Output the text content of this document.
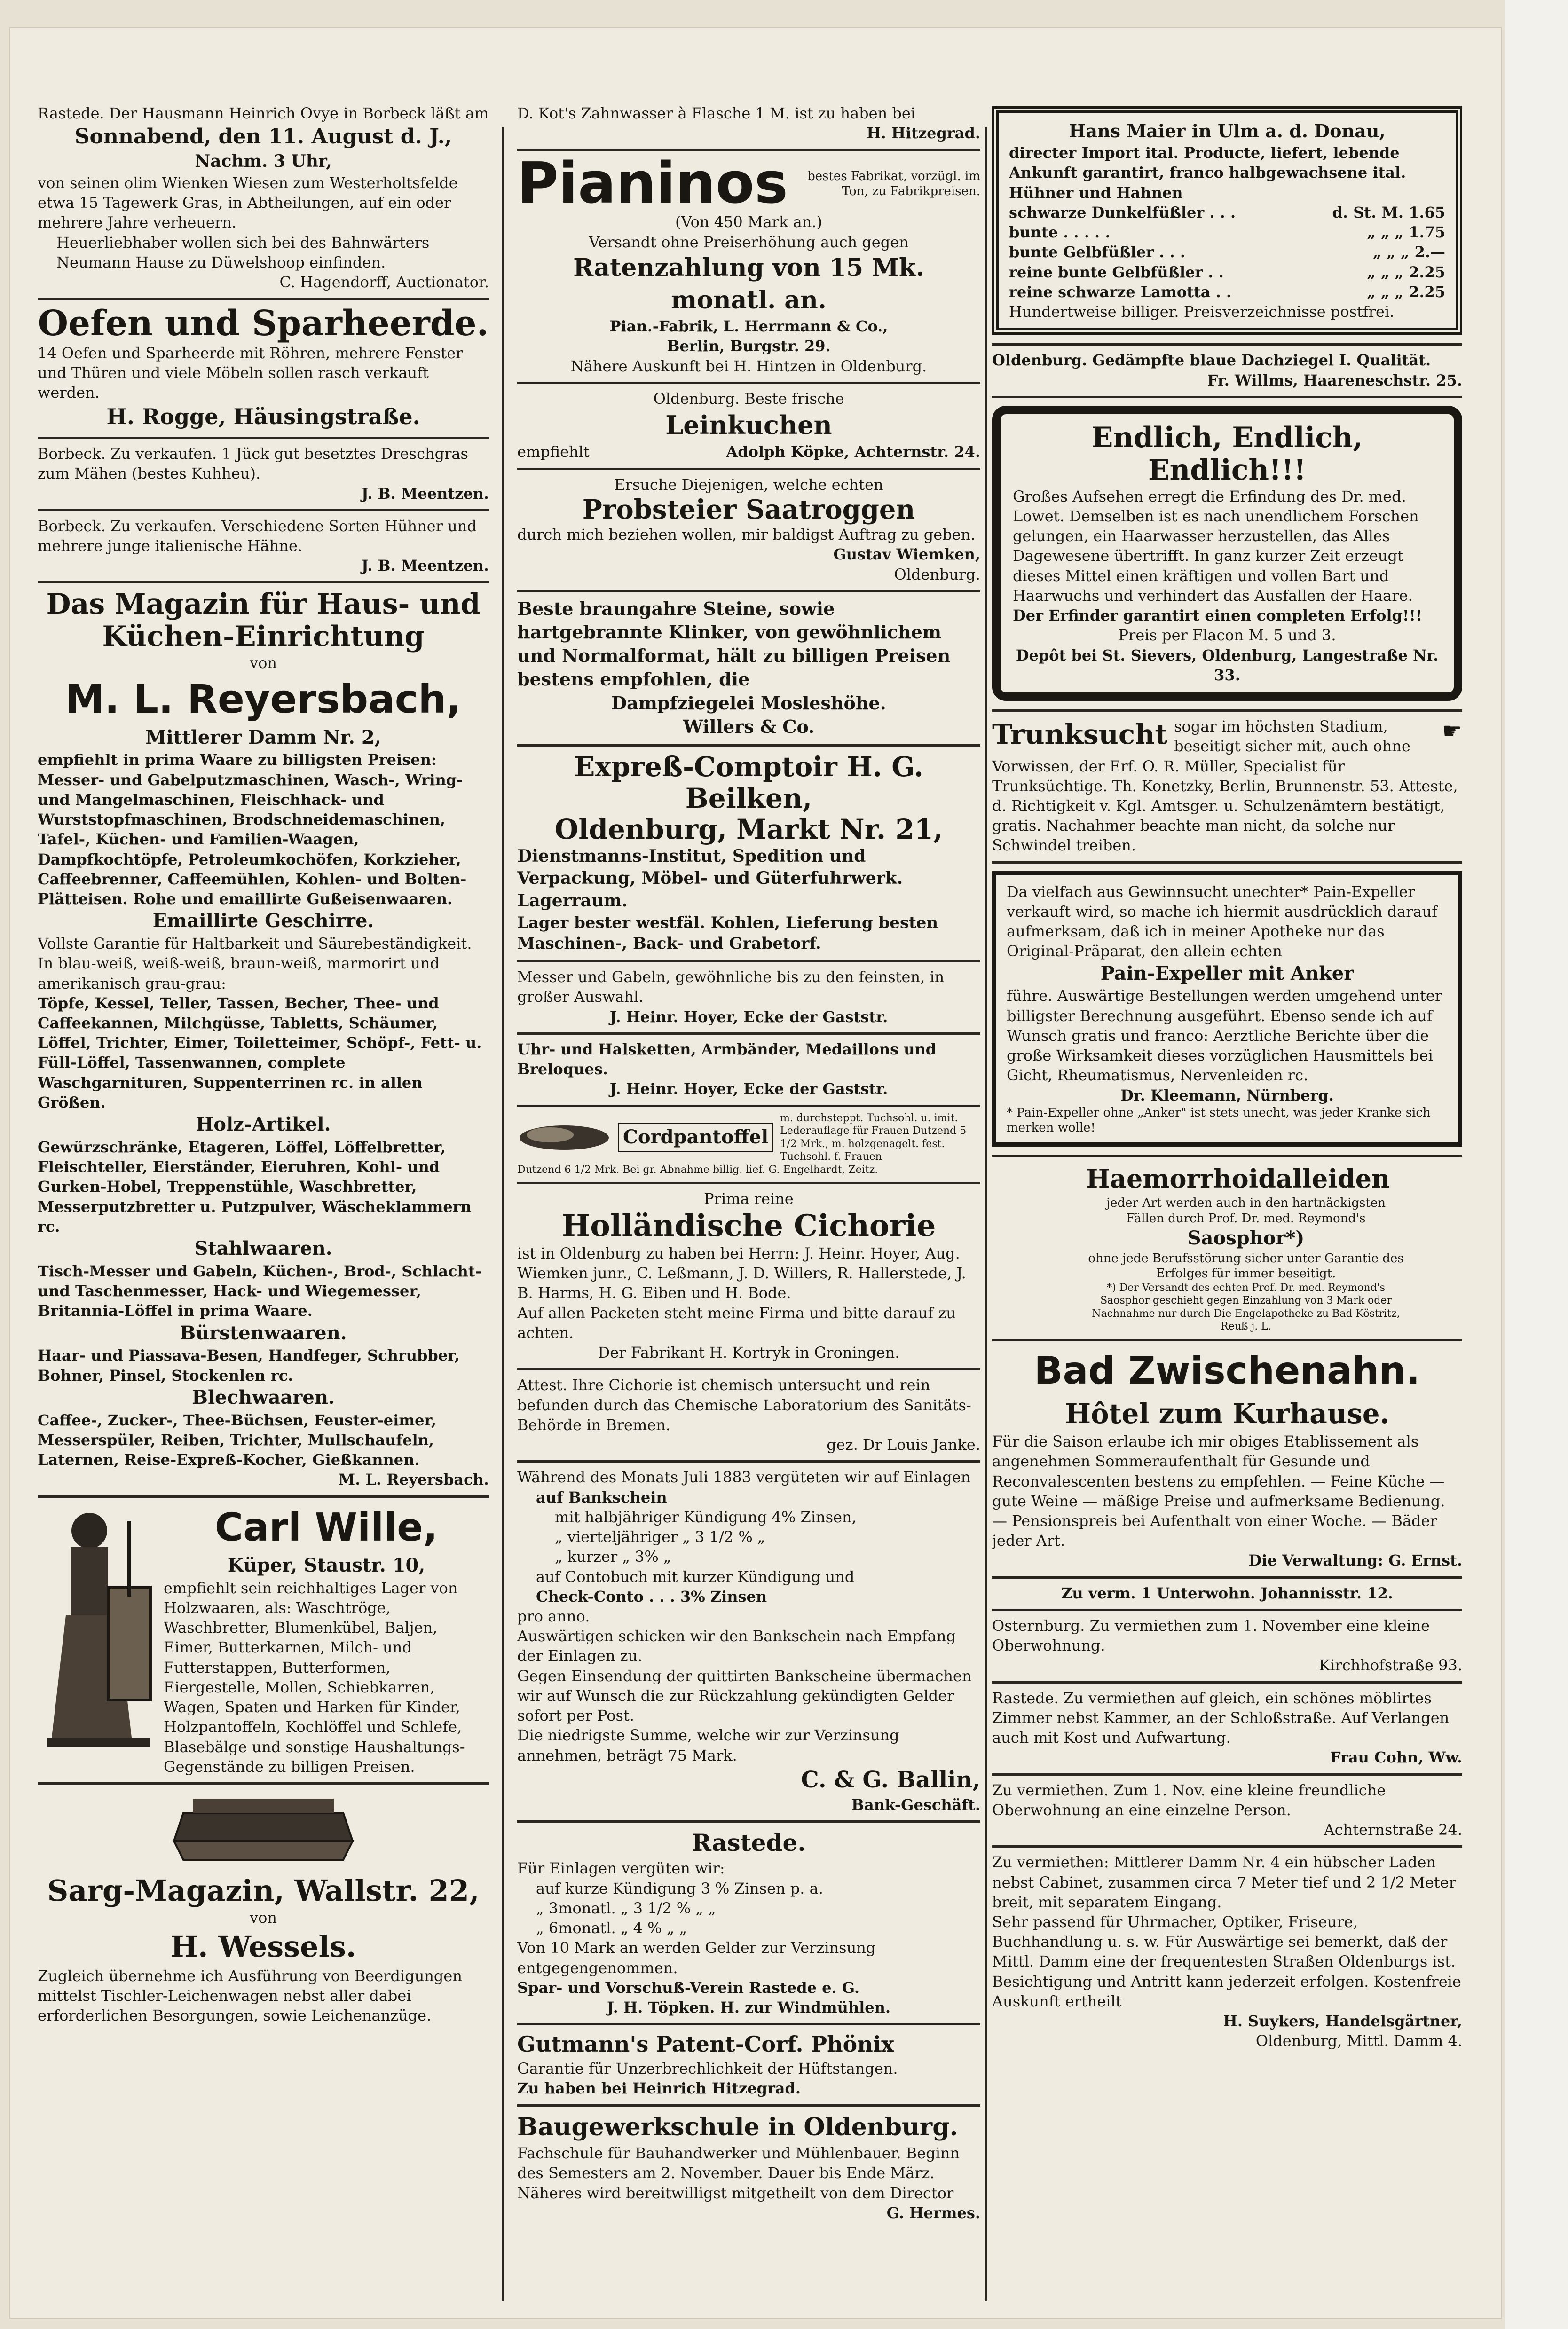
Rastede. Der Hausmann Heinrich Ovye in Borbeck läßt am
Sonnabend, den 11. August d. J.,
Nachm. 3 Uhr,
von seinen olim Wienken Wiesen zum Westerholtsfelde etwa 15 Tagewerk Gras, in Abtheilungen, auf ein oder mehrere Jahre verheuern.
Heuerliebhaber wollen sich bei des Bahnwärters Neumann Hause zu Düwelshoop einfinden.
C. Hagendorff, Auctionator.
Oefen und Sparheerde.
14 Oefen und Sparheerde mit Röhren, mehrere Fenster und Thüren und viele Möbeln sollen rasch verkauft werden.
H. Rogge, Häusingstraße.
Borbeck. Zu verkaufen. 1 Jück gut besetztes Dreschgras zum Mähen (bestes Kuhheu).
J. B. Meentzen.
Borbeck. Zu verkaufen. Verschiedene Sorten Hühner und mehrere junge italienische Hähne.
J. B. Meentzen.
Das Magazin für Haus- und Küchen-Einrichtung
von
M. L. Reyersbach,
Mittlerer Damm Nr. 2,
empfiehlt in prima Waare zu billigsten Preisen: Messer- und Gabelputzmaschinen, Wasch-, Wring- und Mangelmaschinen, Fleischhack- und Wurststopfmaschinen, Brodschneidemaschinen, Tafel-, Küchen- und Familien-Waagen, Dampfkochtöpfe, Petroleumkochöfen, Korkzieher, Caffeebrenner, Caffeemühlen, Kohlen- und Bolten-Plätteisen. Rohe und emaillirte Gußeisenwaaren.
Emaillirte Geschirre.
Vollste Garantie für Haltbarkeit und Säurebeständigkeit. In blau-weiß, weiß-weiß, braun-weiß, marmorirt und amerikanisch grau-grau:
Töpfe, Kessel, Teller, Tassen, Becher, Thee- und Caffeekannen, Milchgüsse, Tabletts, Schäumer, Löffel, Trichter, Eimer, Toiletteimer, Schöpf-, Fett- u. Füll-Löffel, Tassenwannen, complete Waschgarnituren, Suppenterrinen rc. in allen Größen.
Holz-Artikel.
Gewürzschränke, Etageren, Löffel, Löffelbretter, Fleischteller, Eierständer, Eieruhren, Kohl- und Gurken-Hobel, Treppenstühle, Waschbretter, Messerputzbretter u. Putzpulver, Wäscheklammern rc.
Stahlwaaren.
Tisch-Messer und Gabeln, Küchen-, Brod-, Schlacht- und Taschenmesser, Hack- und Wiegemesser, Britannia-Löffel in prima Waare.
Bürstenwaaren.
Haar- und Piassava-Besen, Handfeger, Schrubber, Bohner, Pinsel, Stockenlen rc.
Blechwaaren.
Caffee-, Zucker-, Thee-Büchsen, Feuster-eimer, Messerspüler, Reiben, Trichter, Mullschaufeln, Laternen, Reise-Expreß-Kocher, Gießkannen.
M. L. Reyersbach.
Carl Wille,
Küper, Staustr. 10,
empfiehlt sein reichhaltiges Lager von Holzwaaren, als: Waschtröge, Waschbretter, Blumenkübel, Baljen, Eimer, Butterkarnen, Milch- und Futterstappen, Butterformen, Eiergestelle, Mollen, Schiebkarren, Wagen, Spaten und Harken für Kinder, Holzpantoffeln, Kochlöffel und Schlefe, Blasebälge und sonstige Haushaltungs-Gegenstände zu billigen Preisen.
Sarg-Magazin, Wallstr. 22,
von
H. Wessels.
Zugleich übernehme ich Ausführung von Beerdigungen mittelst Tischler-Leichenwagen nebst aller dabei erforderlichen Besorgungen, sowie Leichenanzüge.
D. Kot's Zahnwasser à Flasche 1 M. ist zu haben bei
H. Hitzegrad.
Pianinos	bestes Fabrikat, vorzügl. im Ton, zu Fabrikpreisen.
(Von 450 Mark an.)
Versandt ohne Preiserhöhung auch gegen
Ratenzahlung von 15 Mk. monatl. an.
Pian.-Fabrik, L. Herrmann & Co.,
Berlin, Burgstr. 29.
Nähere Auskunft bei H. Hintzen in Oldenburg.
Oldenburg. Beste frische
Leinkuchen
empfiehlt	Adolph Köpke, Achternstr. 24.
Ersuche Diejenigen, welche echten
Probsteier Saatroggen
durch mich beziehen wollen, mir baldigst Auftrag zu geben.
Gustav Wiemken,
Oldenburg.
Beste braungahre Steine, sowie hartgebrannte Klinker, von gewöhnlichem und Normalformat, hält zu billigen Preisen bestens empfohlen, die
Dampfziegelei Mosleshöhe.
Willers & Co.
Expreß-Comptoir H. G. Beilken,
Oldenburg, Markt Nr. 21,
Dienstmanns-Institut, Spedition und Verpackung, Möbel- und Güterfuhrwerk. Lagerraum.
Lager bester westfäl. Kohlen, Lieferung besten Maschinen-, Back- und Grabetorf.
Messer und Gabeln, gewöhnliche bis zu den feinsten, in großer Auswahl.
J. Heinr. Hoyer, Ecke der Gaststr.
Uhr- und Halsketten, Armbänder, Medaillons und Breloques.
J. Heinr. Hoyer, Ecke der Gaststr.
Cordpantoffel
m. durchsteppt. Tuchsohl. u. imit. Lederauflage für Frauen Dutzend 5 1/2 Mrk., m. holzgenagelt. fest. Tuchsohl. f. Frauen
Dutzend 6 1/2 Mrk. Bei gr. Abnahme billig. lief. G. Engelhardt, Zeitz.
Prima reine
Holländische Cichorie
ist in Oldenburg zu haben bei Herrn: J. Heinr. Hoyer, Aug. Wiemken junr., C. Leßmann, J. D. Willers, R. Hallerstede, J. B. Harms, H. G. Eiben und H. Bode.
Auf allen Packeten steht meine Firma und bitte darauf zu achten.
Der Fabrikant H. Kortryk in Groningen.
Attest. Ihre Cichorie ist chemisch untersucht und rein befunden durch das Chemische Laboratorium des Sanitäts-Behörde in Bremen.
gez. Dr Louis Janke.
Während des Monats Juli 1883 vergüteten wir auf Einlagen
auf Bankschein
mit halbjähriger Kündigung 4% Zinsen,
„ vierteljähriger „ 3 1/2 % „
„ kurzer „ 3% „
auf Contobuch mit kurzer Kündigung und
Check-Conto . . . 3% Zinsen
pro anno.
Auswärtigen schicken wir den Bankschein nach Empfang der Einlagen zu.
Gegen Einsendung der quittirten Bankscheine übermachen wir auf Wunsch die zur Rückzahlung gekündigten Gelder sofort per Post.
Die niedrigste Summe, welche wir zur Verzinsung annehmen, beträgt 75 Mark.
C. & G. Ballin,
Bank-Geschäft.
Rastede.
Für Einlagen vergüten wir:
auf kurze Kündigung 3 % Zinsen p. a.
„ 3monatl. „ 3 1/2 % „ „
„ 6monatl. „ 4 % „ „
Von 10 Mark an werden Gelder zur Verzinsung entgegengenommen.
Spar- und Vorschuß-Verein Rastede e. G.
J. H. Töpken. H. zur Windmühlen.
Gutmann's Patent-Corf. Phönix
Garantie für Unzerbrechlichkeit der Hüftstangen.
Zu haben bei Heinrich Hitzegrad.
Baugewerkschule in Oldenburg.
Fachschule für Bauhandwerker und Mühlenbauer. Beginn des Semesters am 2. November. Dauer bis Ende März. Näheres wird bereitwilligst mitgetheilt von dem Director
G. Hermes.
Hans Maier in Ulm a. d. Donau,
directer Import ital. Producte, liefert, lebende Ankunft garantirt, franco halbgewachsene ital. Hühner und Hahnen
schwarze Dunkelfüßler . . .	d. St. M. 1.65
bunte . . . . .	„ „ „ 1.75
bunte Gelbfüßler . . .	„ „ „ 2.—
reine bunte Gelbfüßler . .	„ „ „ 2.25
reine schwarze Lamotta . .	„ „ „ 2.25
Hundertweise billiger. Preisverzeichnisse postfrei.
Oldenburg. Gedämpfte blaue Dachziegel I. Qualität.
Fr. Willms, Haareneschstr. 25.
Endlich, Endlich, Endlich!!!
Großes Aufsehen erregt die Erfindung des Dr. med. Lowet. Demselben ist es nach unendlichem Forschen gelungen, ein Haarwasser herzustellen, das Alles Dagewesene übertrifft. In ganz kurzer Zeit erzeugt dieses Mittel einen kräftigen und vollen Bart und Haarwuchs und verhindert das Ausfallen der Haare.
Der Erfinder garantirt einen completen Erfolg!!!
Preis per Flacon M. 5 und 3.
Depôt bei St. Sievers, Oldenburg, Langestraße Nr. 33.
Trunksucht	☛
sogar im höchsten Stadium, beseitigt sicher mit, auch ohne Vorwissen, der Erf. O. R. Müller, Specialist für Trunksüchtige. Th. Konetzky, Berlin, Brunnenstr. 53. Atteste, d. Richtigkeit v. Kgl. Amtsger. u. Schulzenämtern bestätigt, gratis. Nachahmer beachte man nicht, da solche nur Schwindel treiben.
Da vielfach aus Gewinnsucht unechter* Pain-Expeller verkauft wird, so mache ich hiermit ausdrücklich darauf aufmerksam, daß ich in meiner Apotheke nur das Original-Präparat, den allein echten
Pain-Expeller mit Anker
führe. Auswärtige Bestellungen werden umgehend unter billigster Berechnung ausgeführt. Ebenso sende ich auf Wunsch gratis und franco: Aerztliche Berichte über die große Wirksamkeit dieses vorzüglichen Hausmittels bei Gicht, Rheumatismus, Nervenleiden rc.
Dr. Kleemann, Nürnberg.
* Pain-Expeller ohne „Anker" ist stets unecht, was jeder Kranke sich merken wolle!
Haemorrhoidalleiden
jeder Art werden auch in den hartnäckigsten Fällen durch Prof. Dr. med. Reymond's
Saosphor*)
ohne jede Berufsstörung sicher unter Garantie des Erfolges für immer beseitigt.
*) Der Versandt des echten Prof. Dr. med. Reymond's Saosphor geschieht gegen Einzahlung von 3 Mark oder Nachnahme nur durch Die Engelapotheke zu Bad Köstritz, Reuß j. L.
Bad Zwischenahn.
Hôtel zum Kurhause.
Für die Saison erlaube ich mir obiges Etablissement als angenehmen Sommeraufenthalt für Gesunde und Reconvalescenten bestens zu empfehlen. — Feine Küche — gute Weine — mäßige Preise und aufmerksame Bedienung. — Pensionspreis bei Aufenthalt von einer Woche. — Bäder jeder Art.
Die Verwaltung: G. Ernst.
Zu verm. 1 Unterwohn. Johannisstr. 12.
Osternburg. Zu vermiethen zum 1. November eine kleine Oberwohnung.
Kirchhofstraße 93.
Rastede. Zu vermiethen auf gleich, ein schönes möblirtes Zimmer nebst Kammer, an der Schloßstraße. Auf Verlangen auch mit Kost und Aufwartung.
Frau Cohn, Ww.
Zu vermiethen. Zum 1. Nov. eine kleine freundliche Oberwohnung an eine einzelne Person.
Achternstraße 24.
Zu vermiethen: Mittlerer Damm Nr. 4 ein hübscher Laden nebst Cabinet, zusammen circa 7 Meter tief und 2 1/2 Meter breit, mit separatem Eingang.
Sehr passend für Uhrmacher, Optiker, Friseure, Buchhandlung u. s. w. Für Auswärtige sei bemerkt, daß der Mittl. Damm eine der frequentesten Straßen Oldenburgs ist.
Besichtigung und Antritt kann jederzeit erfolgen. Kostenfreie Auskunft ertheilt
H. Suykers, Handelsgärtner,
Oldenburg, Mittl. Damm 4.
